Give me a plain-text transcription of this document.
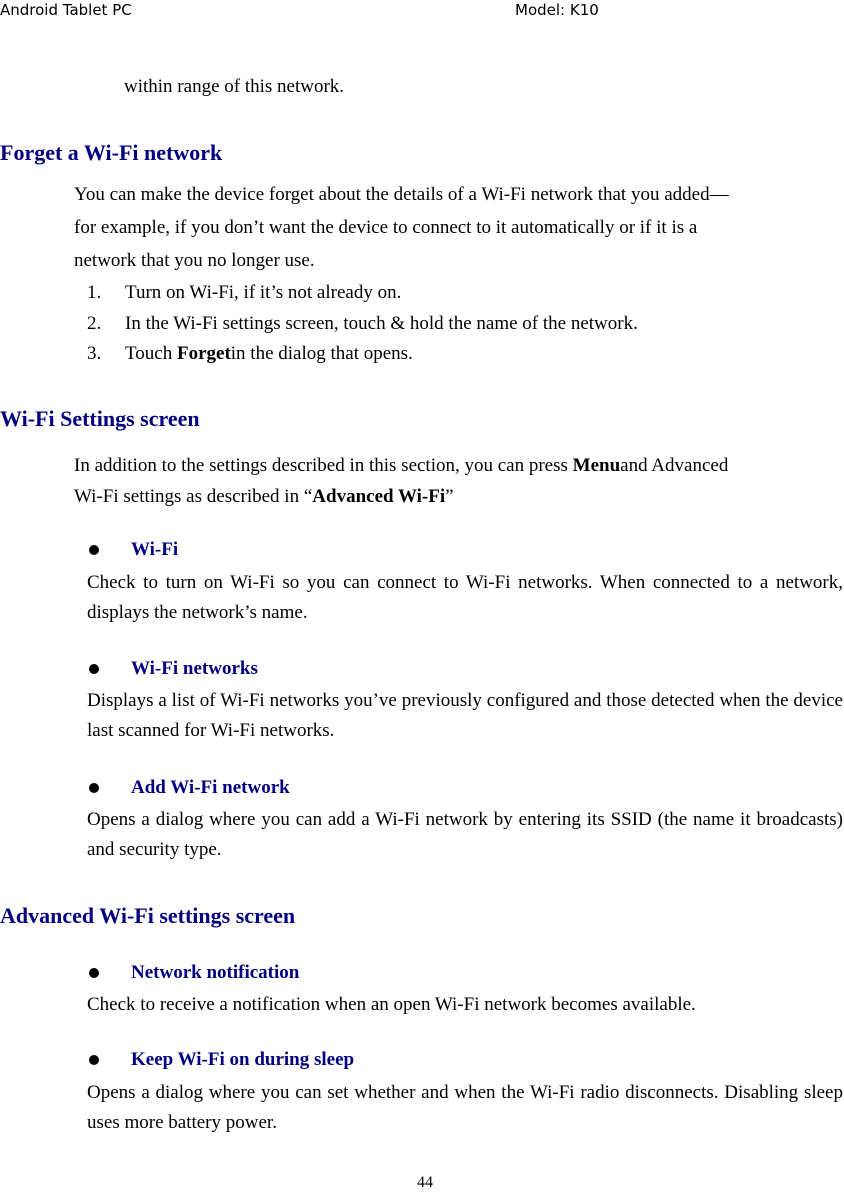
Android Tablet PC	Model: K10
within range of this network.
Forget a Wi-Fi network
You can make the device forget about the details of a Wi-Fi network that you added—
for example, if you don’t want the device to connect to it automatically or if it is a
network that you no longer use.
1. Turn on Wi-Fi, if it’s not already on.
2. In the Wi-Fi settings screen, touch & hold the name of the network.
3. Touch Forgetin the dialog that opens.
Wi-Fi Settings screen
In addition to the settings described in this section, you can press Menuand Advanced
Wi-Fi settings as described in “Advanced Wi-Fi”
Wi-Fi
Check to turn on Wi-Fi so you can connect to Wi-Fi networks. When connected to a network, displays the network’s name.
Wi-Fi networks
Displays a list of Wi-Fi networks you’ve previously configured and those detected when the device last scanned for Wi-Fi networks.
Add Wi-Fi network
Opens a dialog where you can add a Wi-Fi network by entering its SSID (the name it broadcasts) and security type.
Advanced Wi-Fi settings screen
Network notification
Check to receive a notification when an open Wi-Fi network becomes available.
Keep Wi-Fi on during sleep
Opens a dialog where you can set whether and when the Wi-Fi radio disconnects. Disabling sleep uses more battery power.
44
